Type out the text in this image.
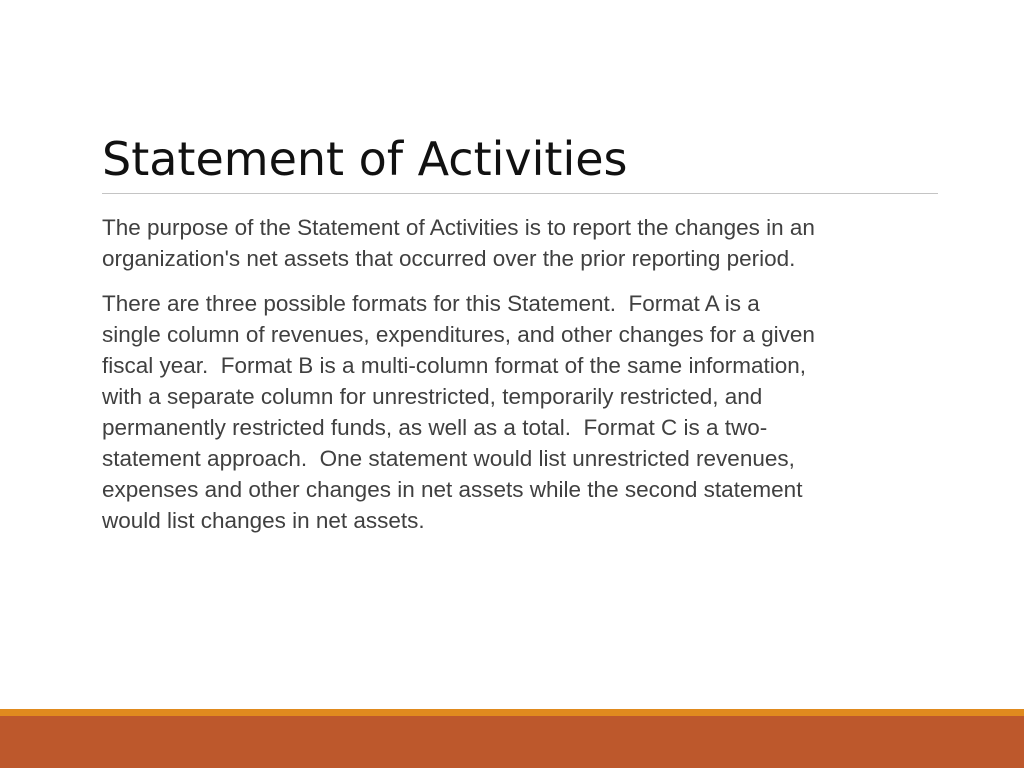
Statement of Activities

The purpose of the Statement of Activities is to report the changes in an
organization's net assets that occurred over the prior reporting period.

There are three possible formats for this Statement.  Format A is a
single column of revenues, expenditures, and other changes for a given
fiscal year.  Format B is a multi-column format of the same information,
with a separate column for unrestricted, temporarily restricted, and
permanently restricted funds, as well as a total.  Format C is a two-
statement approach.  One statement would list unrestricted revenues,
expenses and other changes in net assets while the second statement
would list changes in net assets.
